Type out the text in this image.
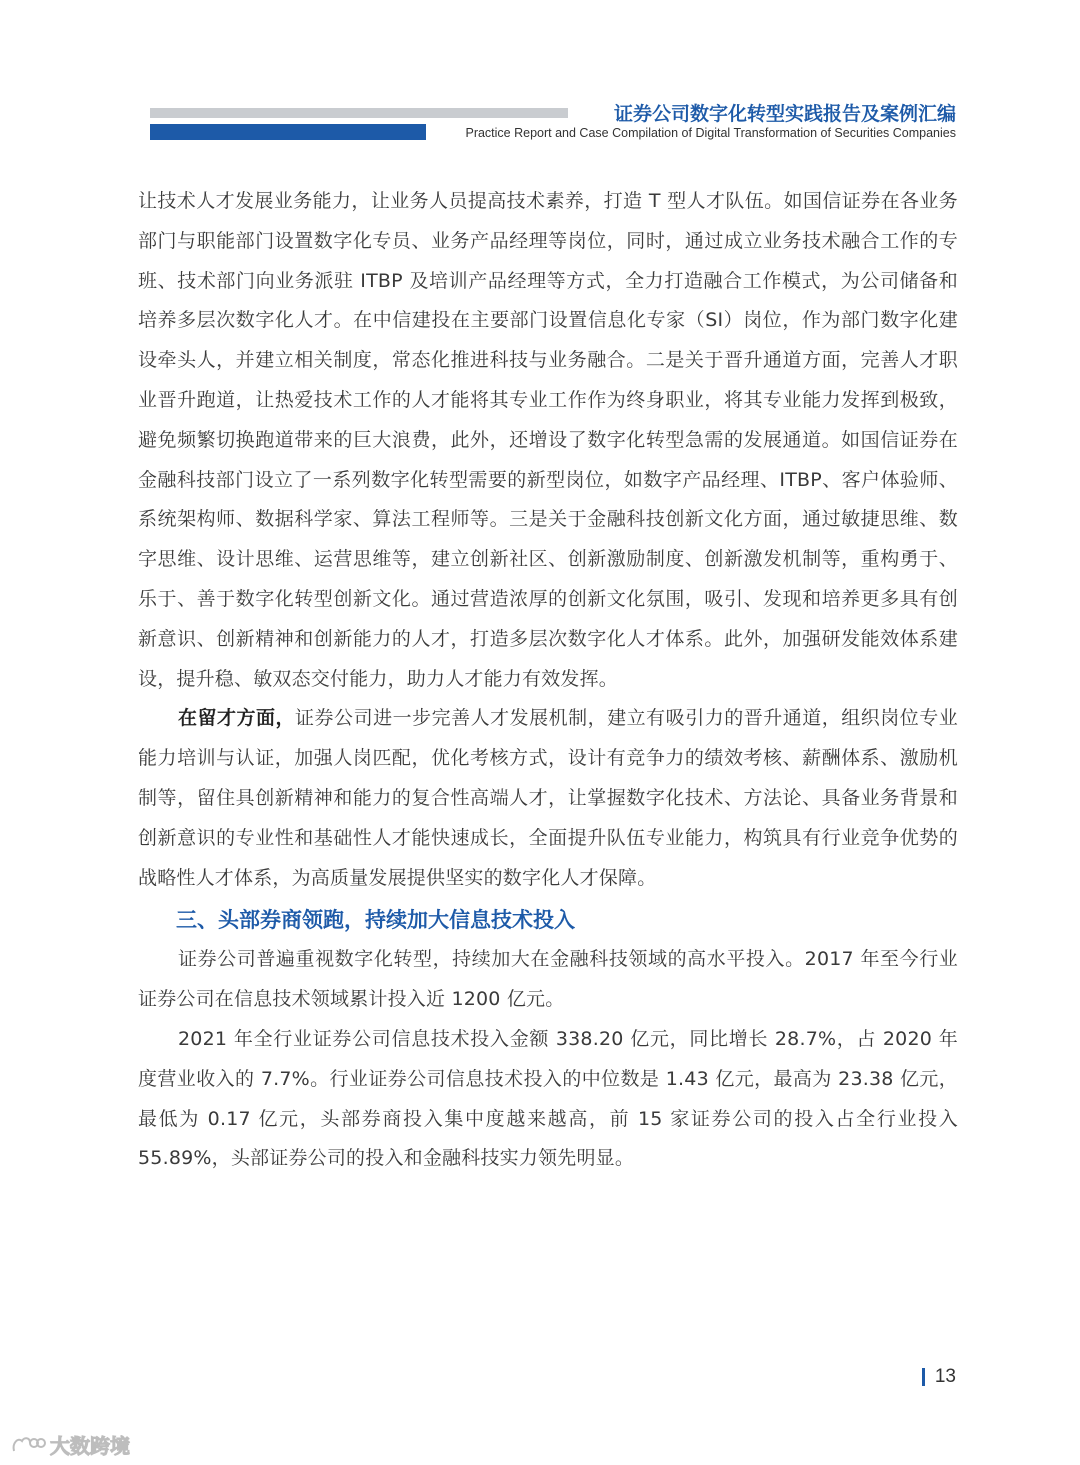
证券公司数字化转型实践报告及案例汇编
Practice Report and Case Compilation of Digital Transformation of Securities Companies

让技术人才发展业务能力，让业务人员提高技术素养，打造 T 型人才队伍。如国信证券在各业务部门与职能部门设置数字化专员、业务产品经理等岗位，同时，通过成立业务技术融合工作的专班、技术部门向业务派驻 ITBP 及培训产品经理等方式，全力打造融合工作模式，为公司储备和培养多层次数字化人才。在中信建投在主要部门设置信息化专家（SI）岗位，作为部门数字化建设牵头人，并建立相关制度，常态化推进科技与业务融合。二是关于晋升通道方面，完善人才职业晋升跑道，让热爱技术工作的人才能将其专业工作作为终身职业，将其专业能力发挥到极致，避免频繁切换跑道带来的巨大浪费，此外，还增设了数字化转型急需的发展通道。如国信证券在金融科技部门设立了一系列数字化转型需要的新型岗位，如数字产品经理、ITBP、客户体验师、系统架构师、数据科学家、算法工程师等。三是关于金融科技创新文化方面，通过敏捷思维、数字思维、设计思维、运营思维等，建立创新社区、创新激励制度、创新激发机制等，重构勇于、乐于、善于数字化转型创新文化。通过营造浓厚的创新文化氛围，吸引、发现和培养更多具有创新意识、创新精神和创新能力的人才，打造多层次数字化人才体系。此外，加强研发能效体系建设，提升稳、敏双态交付能力，助力人才能力有效发挥。

在留才方面，证券公司进一步完善人才发展机制，建立有吸引力的晋升通道，组织岗位专业能力培训与认证，加强人岗匹配，优化考核方式，设计有竞争力的绩效考核、薪酬体系、激励机制等，留住具创新精神和能力的复合性高端人才，让掌握数字化技术、方法论、具备业务背景和创新意识的专业性和基础性人才能快速成长，全面提升队伍专业能力，构筑具有行业竞争优势的战略性人才体系，为高质量发展提供坚实的数字化人才保障。

三、头部券商领跑，持续加大信息技术投入

证券公司普遍重视数字化转型，持续加大在金融科技领域的高水平投入。2017 年至今行业证券公司在信息技术领域累计投入近 1200 亿元。

2021 年全行业证券公司信息技术投入金额 338.20 亿元，同比增长 28.7%，占 2020 年度营业收入的 7.7%。行业证券公司信息技术投入的中位数是 1.43 亿元，最高为 23.38 亿元，最低为 0.17 亿元，头部券商投入集中度越来越高，前 15 家证券公司的投入占全行业投入 55.89%，头部证券公司的投入和金融科技实力领先明显。

13
大数跨境
